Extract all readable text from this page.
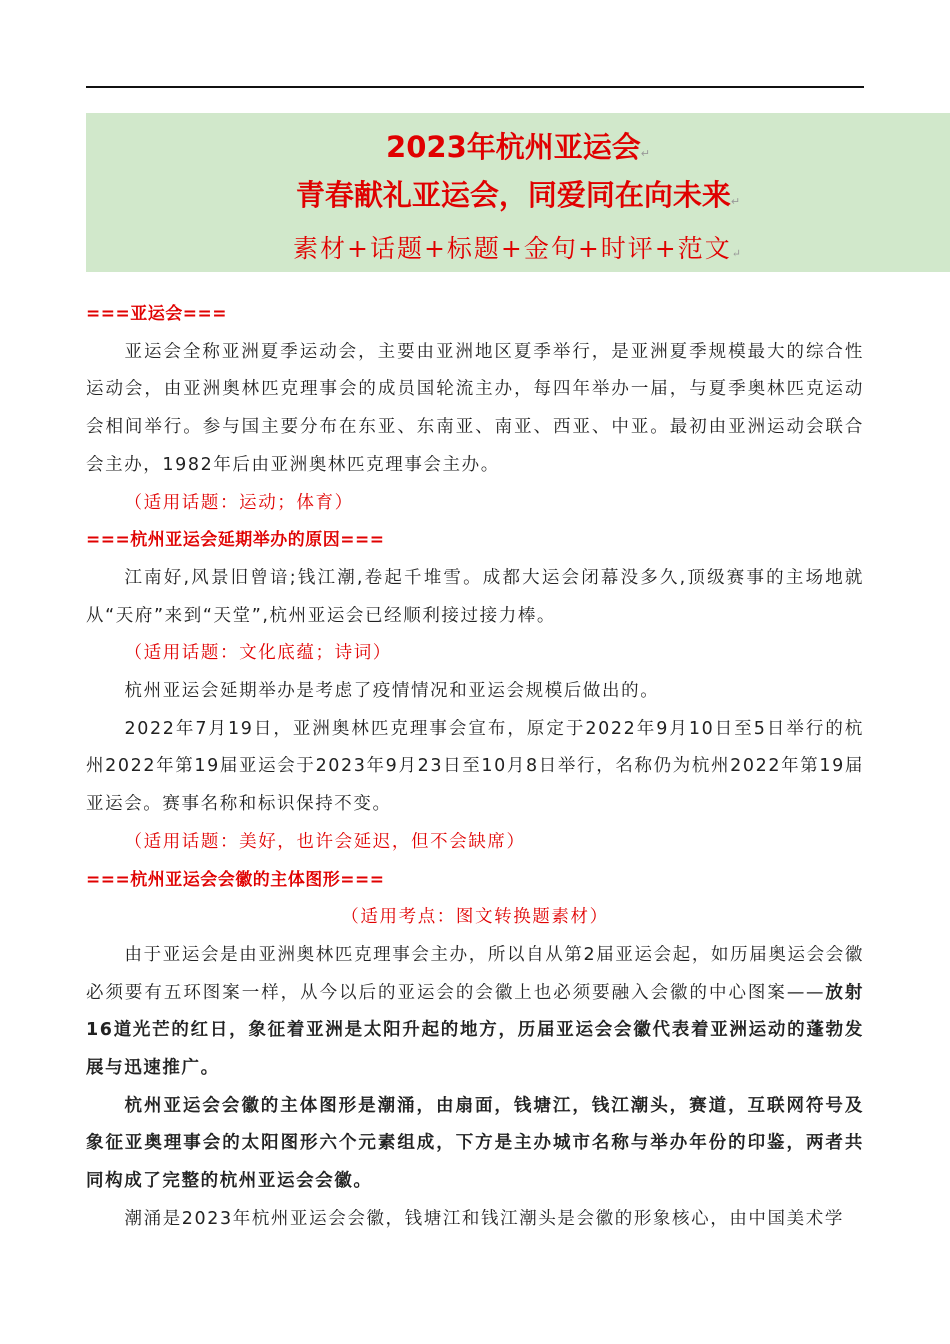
2023年杭州亚运会↵
青春献礼亚运会，同爱同在向未来↵
素材+话题+标题+金句+时评+范文↵

===亚运会===

亚运会全称亚洲夏季运动会，主要由亚洲地区夏季举行，是亚洲夏季规模最大的综合性运动会，由亚洲奥林匹克理事会的成员国轮流主办，每四年举办一届，与夏季奥林匹克运动会相间举行。参与国主要分布在东亚、东南亚、南亚、西亚、中亚。最初由亚洲运动会联合会主办，1982年后由亚洲奥林匹克理事会主办。

（适用话题：运动；体育）

===杭州亚运会延期举办的原因===

江南好,风景旧曾谙;钱江潮,卷起千堆雪。成都大运会闭幕没多久,顶级赛事的主场地就从“天府”来到“天堂”,杭州亚运会已经顺利接过接力棒。

（适用话题：文化底蕴；诗词）

杭州亚运会延期举办是考虑了疫情情况和亚运会规模后做出的。

2022年7月19日，亚洲奥林匹克理事会宣布，原定于2022年9月10日至5日举行的杭州2022年第19届亚运会于2023年9月23日至10月8日举行，名称仍为杭州2022年第19届亚运会。赛事名称和标识保持不变。

（适用话题：美好，也许会延迟，但不会缺席）

===杭州亚运会会徽的主体图形===

（适用考点：图文转换题素材）

由于亚运会是由亚洲奥林匹克理事会主办，所以自从第2届亚运会起，如历届奥运会会徽必须要有五环图案一样，从今以后的亚运会的会徽上也必须要融入会徽的中心图案——放射16道光芒的红日，象征着亚洲是太阳升起的地方，历届亚运会会徽代表着亚洲运动的蓬勃发展与迅速推广。

杭州亚运会会徽的主体图形是潮涌，由扇面，钱塘江，钱江潮头，赛道，互联网符号及象征亚奥理事会的太阳图形六个元素组成，下方是主办城市名称与举办年份的印鉴，两者共同构成了完整的杭州亚运会会徽。

潮涌是2023年杭州亚运会会徽，钱塘江和钱江潮头是会徽的形象核心，由中国美术学
